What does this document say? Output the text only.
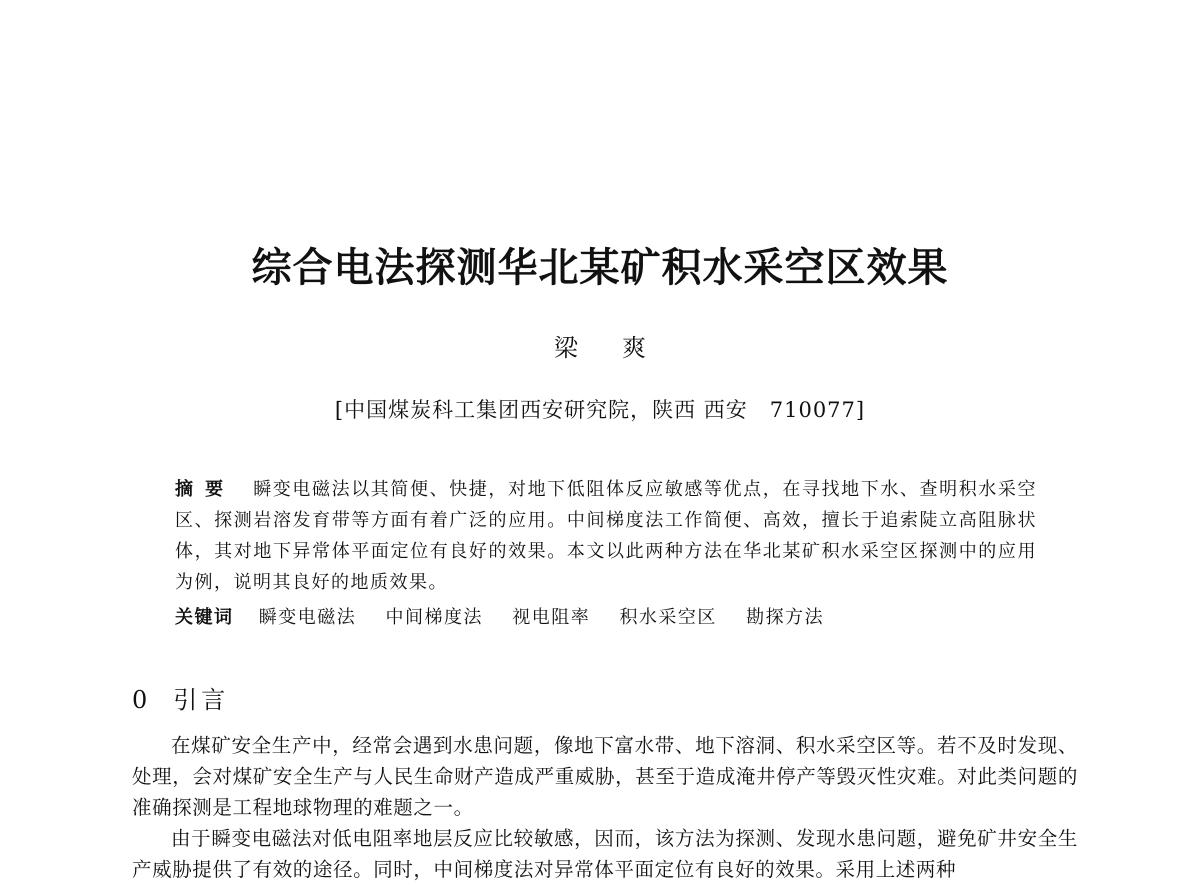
综合电法探测华北某矿积水采空区效果
梁爽
[中国煤炭科工集团西安研究院，陕西 西安　710077]
摘要 瞬变电磁法以其简便、快捷，对地下低阻体反应敏感等优点，在寻找地下水、查明积水采空区、探测岩溶发育带等方面有着广泛的应用。中间梯度法工作简便、高效，擅长于追索陡立高阻脉状体，其对地下异常体平面定位有良好的效果。本文以此两种方法在华北某矿积水采空区探测中的应用为例，说明其良好的地质效果。
关键词 瞬变电磁法 中间梯度法 视电阻率 积水采空区 勘探方法
0 引言

在煤矿安全生产中，经常会遇到水患问题，像地下富水带、地下溶洞、积水采空区等。若不及时发现、处理，会对煤矿安全生产与人民生命财产造成严重威胁，甚至于造成淹井停产等毁灭性灾难。对此类问题的准确探测是工程地球物理的难题之一。

由于瞬变电磁法对低电阻率地层反应比较敏感，因而，该方法为探测、发现水患问题，避免矿井安全生产威胁提供了有效的途径。同时，中间梯度法对异常体平面定位有良好的效果。采用上述两种
